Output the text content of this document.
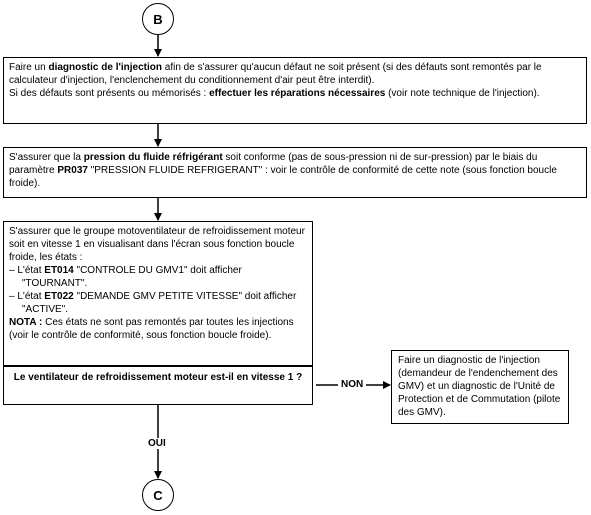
B

Faire un diagnostic de l'injection afin de s'assurer qu'aucun défaut ne soit présent (si des défauts sont remontés par le calculateur d'injection, l'enclenchement du conditionnement d'air peut être interdit).

Si des défauts sont présents ou mémorisés : effectuer les réparations nécessaires (voir note technique de l'injection).

S'assurer que la pression du fluide réfrigérant soit conforme (pas de sous-pression ni de sur-pression) par le biais du paramètre PR037 "PRESSION FLUIDE REFRIGERANT" : voir le contrôle de conformité de cette note (sous fonction boucle froide).

S'assurer que le groupe motoventilateur de refroidissement moteur soit en vitesse 1 en visualisant dans l'écran sous fonction boucle froide, les états :

– L'état ET014 "CONTROLE DU GMV1" doit afficher "TOURNANT".
– L'état ET022 "DEMANDE GMV PETITE VITESSE" doit afficher "ACTIVE".

NOTA : Ces états ne sont pas remontés par toutes les injections (voir le contrôle de conformité, sous fonction boucle froide).

Le ventilateur de refroidissement moteur est-il en vitesse 1 ?
NON

Faire un diagnostic de l'injection (demandeur de l'endenchement des GMV) et un diagnostic de l'Unité de Protection et de Commutation (pilote des GMV).

OUI
C
